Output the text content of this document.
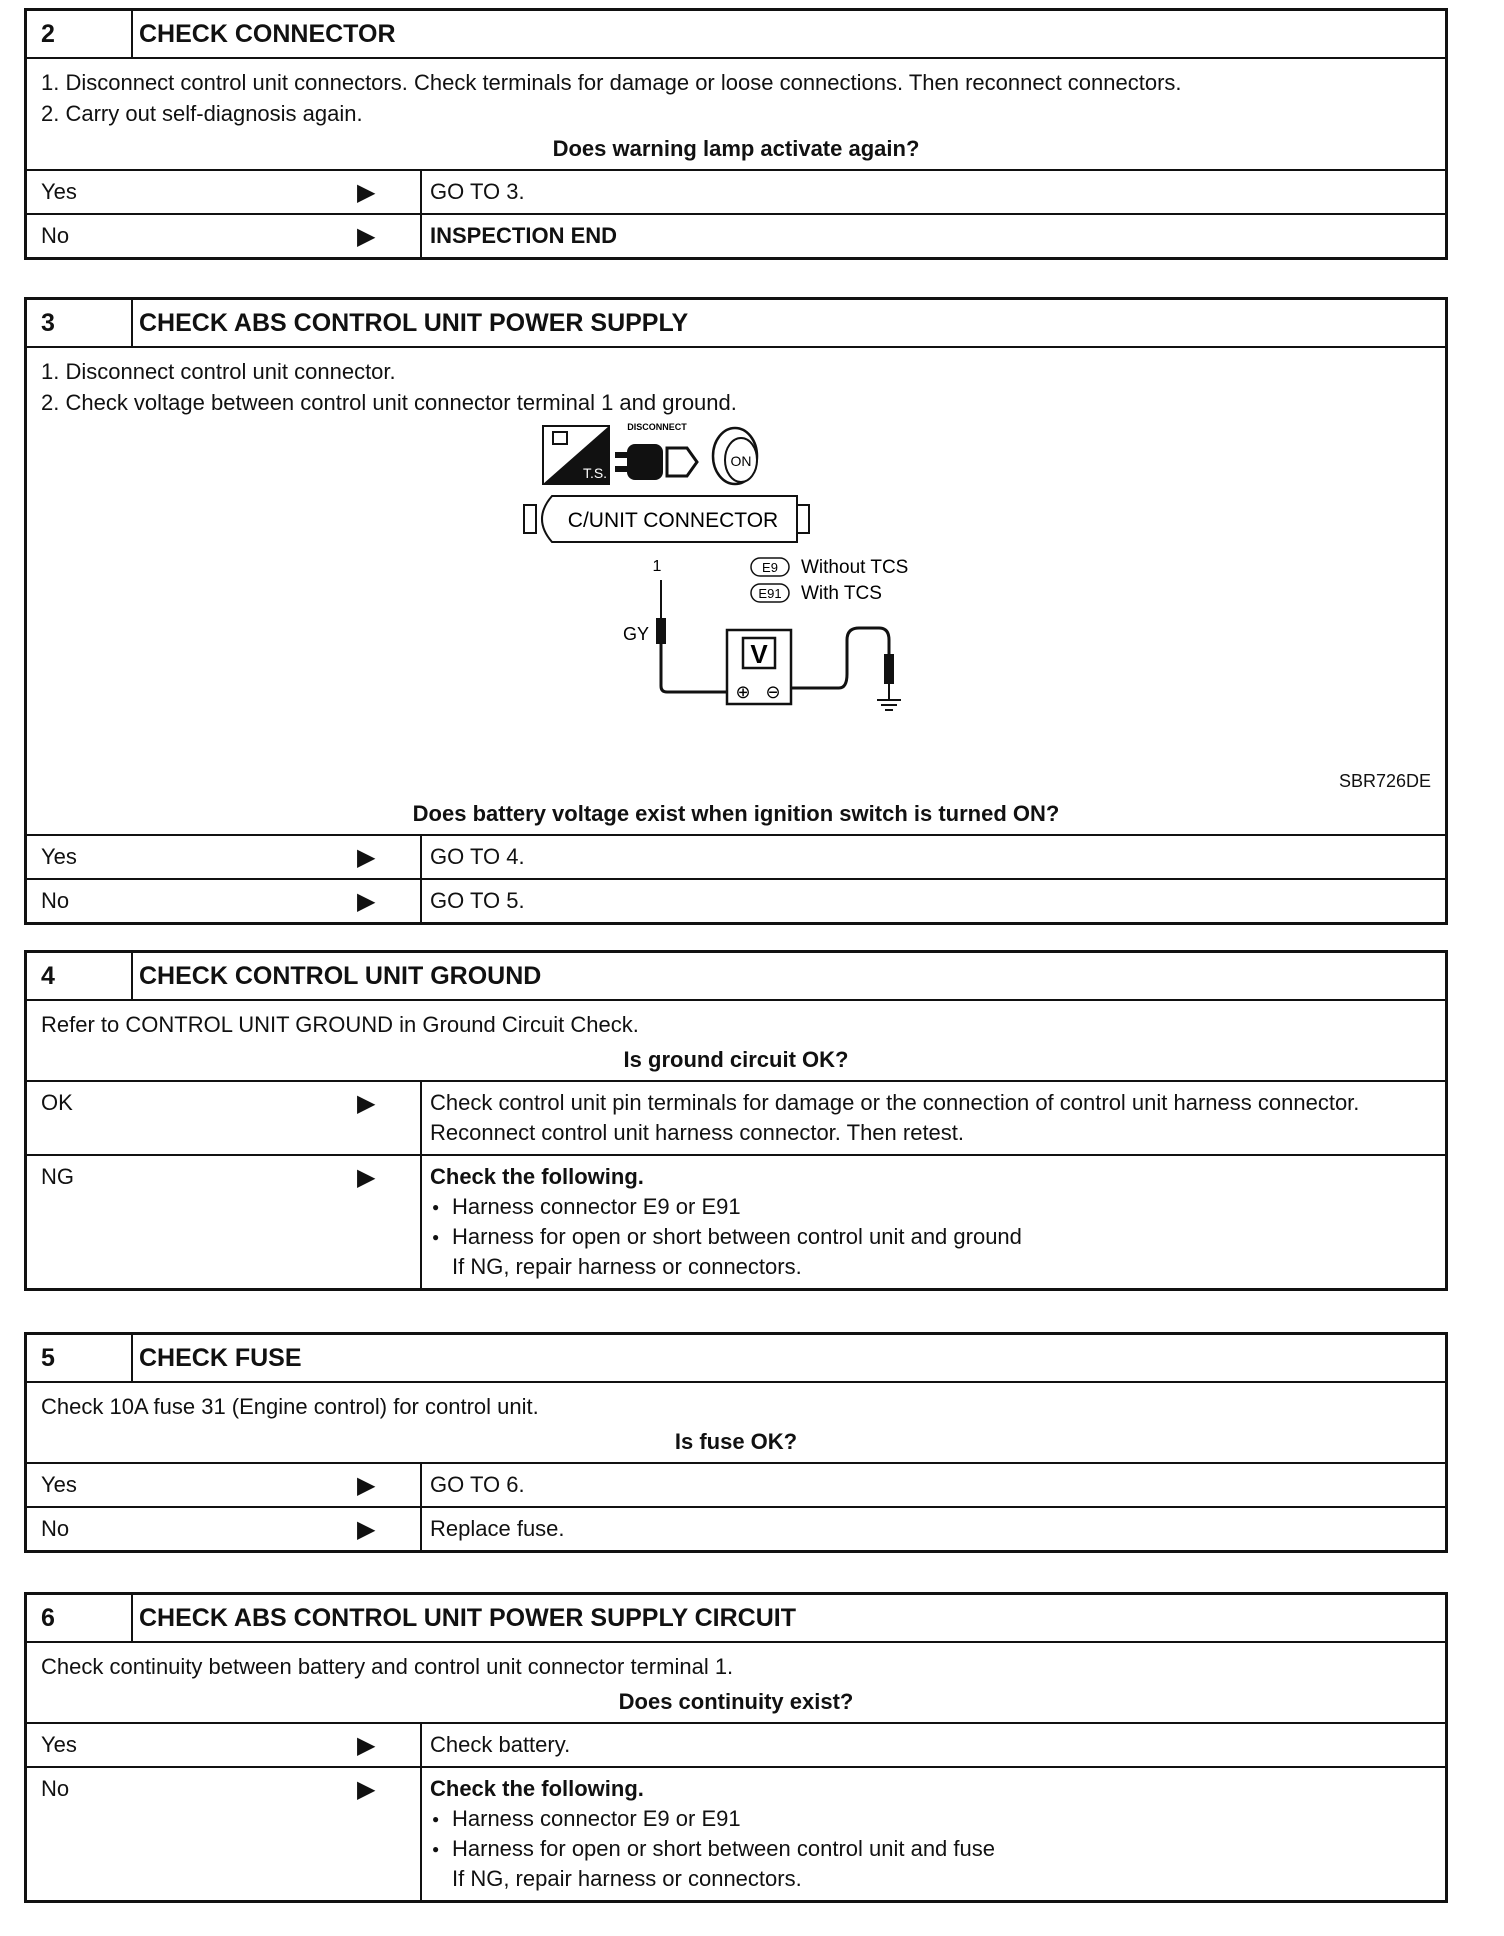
2	CHECK CONNECTOR
1. Disconnect control unit connectors. Check terminals for damage or loose connections. Then reconnect connectors.
2. Carry out self-diagnosis again.
Does warning lamp activate again?
Yes	▶	GO TO 3.
No	▶	INSPECTION END
3	CHECK ABS CONTROL UNIT POWER SUPPLY
1. Disconnect control unit connector.
2. Check voltage between control unit connector terminal 1 and ground.
T.S.
DISCONNECT
ON
C/UNIT CONNECTOR
1	E9 Without TCS
E91 With TCS
GY
V
⊕ ⊖
SBR726DE
Does battery voltage exist when ignition switch is turned ON?
Yes	▶	GO TO 4.
No	▶	GO TO 5.
4	CHECK CONTROL UNIT GROUND
Refer to CONTROL UNIT GROUND in Ground Circuit Check.
Is ground circuit OK?
OK	▶	Check control unit pin terminals for damage or the connection of control unit harness connector. Reconnect control unit harness connector. Then retest.
NG	▶ Check the following.
● Harness connector E9 or E91
● Harness for open or short between control unit and ground
If NG, repair harness or connectors.
5	CHECK FUSE
Check 10A fuse 31 (Engine control) for control unit.
Is fuse OK?
Yes	▶	GO TO 6.
No	▶	Replace fuse.
6	CHECK ABS CONTROL UNIT POWER SUPPLY CIRCUIT
Check continuity between battery and control unit connector terminal 1.
Does continuity exist?
Yes	▶	Check battery.
No	▶ Check the following.
● Harness connector E9 or E91
● Harness for open or short between control unit and fuse
If NG, repair harness or connectors.
